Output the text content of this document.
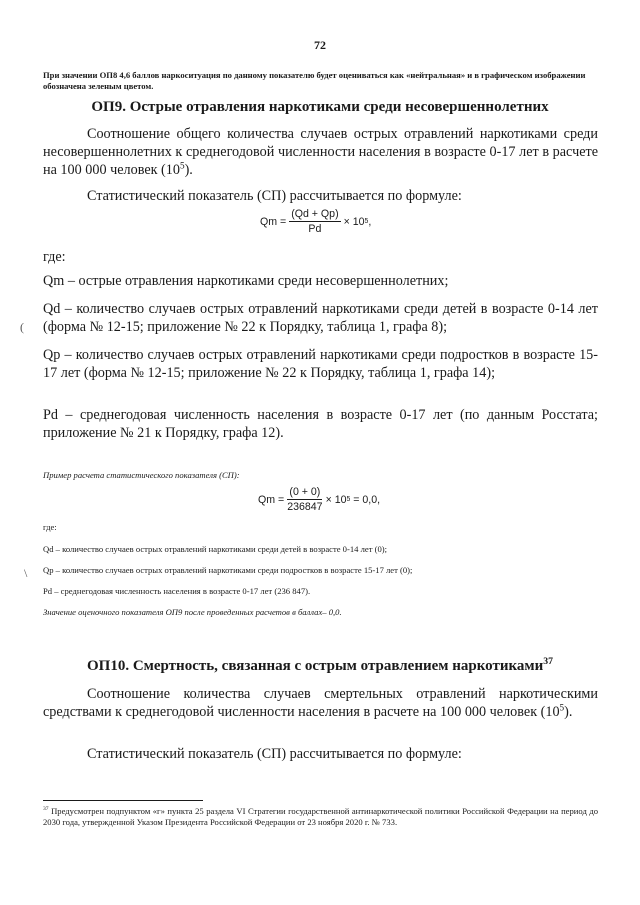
72
При значении ОП8 4,6 баллов наркоситуация по данному показателю будет оцениваться как «нейтральная» и в графическом изображении обозначена зеленым цветом.
ОП9. Острые отравления наркотиками среди несовершеннолетних
Соотношение общего количества случаев острых отравлений наркотиками среди несовершеннолетних к среднегодовой численности населения в возрасте 0-17 лет в расчете на 100 000 человек $(10^5)$.
Статистический показатель (СП) рассчитывается по формуле:
$Qm = \frac{(Qd + Qp)}{Pd} \times 10$ 5 ,
где:
Qm – острые отравления наркотиками среди несовершеннолетних;
Qd – количество случаев острых отравлений наркотиками среди детей в возрасте 0-14 лет (форма № 12-15; приложение № 22 к Порядку, таблица 1, графа 8);
Qp – количество случаев острых отравлений наркотиками среди подростков в возрасте 15-17 лет (форма № 12-15; приложение № 22 к Порядку, таблица 1, графа 14);
Pd – среднегодовая численность населения в возрасте 0-17 лет (по данным Росстата; приложение № 21 к Порядку, графа 12).
Пример расчета статистического показателя (СП):
$Qm = \frac{(0 + 0)}{236847} \times 10$ 5
= 0,0,
где:
Qd – количество случаев острых отравлений наркотиками среди детей в возрасте 0-14 лет (0);
Qp – количество случаев острых отравлений наркотиками среди подростков в возрасте 15-17 лет (0);
Pd – среднегодовая численность населения в возрасте 0-17 лет (236 847).
Значение оценочного показателя ОП9 после проведенных расчетов в баллах– 0,0.
ОП10. Смертность, связанная с острым отравлением наркотиками$^{37}$
Соотношение количества случаев смертельных отравлений наркотическими средствами к среднегодовой численности населения в расчете на 100 000 человек $(10^5)$.
Статистический показатель (СП) рассчитывается по формуле:
$^{37}$ Предусмотрен подпунктом «г» пункта 25 раздела VI Стратегии государственной антинаркотической политики Российской Федерации на период до 2030 года, утвержденной Указом Президента Российской Федерации от 23 ноября 2020 г. № 733.
(
\
